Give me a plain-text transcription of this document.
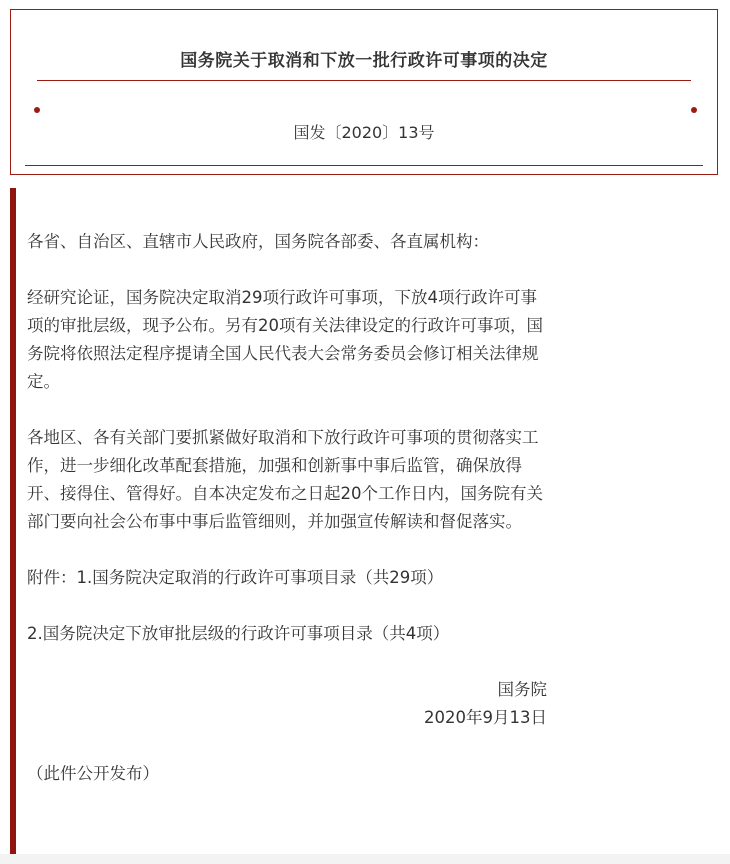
国务院关于取消和下放一批行政许可事项的决定
国发〔2020〕13号

各省、自治区、直辖市人民政府，国务院各部委、各直属机构：

经研究论证，国务院决定取消29项行政许可事项，下放4项行政许可事项的审批层级，现予公布。另有20项有关法律设定的行政许可事项，国务院将依照法定程序提请全国人民代表大会常务委员会修订相关法律规定。

各地区、各有关部门要抓紧做好取消和下放行政许可事项的贯彻落实工作，进一步细化改革配套措施，加强和创新事中事后监管，确保放得开、接得住、管得好。自本决定发布之日起20个工作日内，国务院有关部门要向社会公布事中事后监管细则，并加强宣传解读和督促落实。

附件：1.国务院决定取消的行政许可事项目录（共29项）

2.国务院决定下放审批层级的行政许可事项目录（共4项）

国务院
2020年9月13日

（此件公开发布）
